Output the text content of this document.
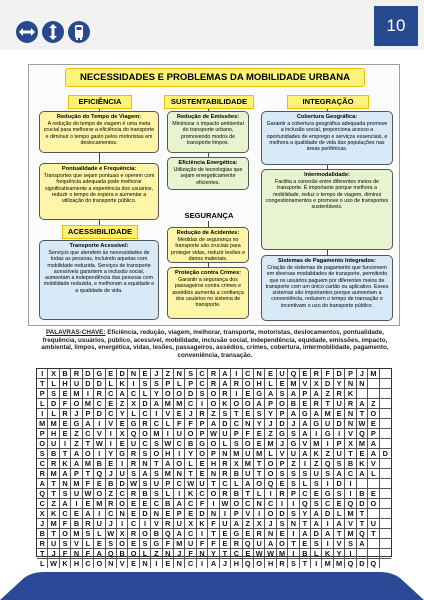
10
NECESSIDADES E PROBLEMAS DA MOBILIDADE URBANA
EFICIÊNCIA
Redução do Tempo de Viagem:
A redução do tempo de viagem é uma meta crucial para melhorar a eficiência do transporte e diminuir o tempo gasto pelos motoristas em deslocamentos.
Pontualidade e Frequência:
Transportes que sejam pontuais e operem com frequência adequada pode melhorar significativamente a experiência dos usuários, reduzir o tempo de espera e aumentar a utilização do transporte público.
ACESSIBILIDADE
Transporte Acessível:
Serviços que atendem às necessidades de todas as pessoas, incluindo aquelas com mobilidade reduzida. Serviços de transporte acessíveis garantem a inclusão social, aumentam a independência das pessoas com mobilidade reduzida, e melhoram a equidade e a qualidade de vida.
SUSTENTABILIDADE
Redução de Emissões:
Minimizar o impacto ambiental do transporte urbano, promovendo modos de transporte limpos.
Eficiência Energética:
Utilização de tecnologias que sejam energeticamente eficientes.
SEGURANÇA
Redução de Acidentes:
Medidas de segurança no transporte são cruciais para proteger vidas, reduzir lesões e danos materiais.
Proteção contra Crimes:
Garantir a segurança dos passageiros contra crimes e assédios aumenta a confiança dos usuários no sistema de transporte.
INTEGRAÇÃO
Cobertura Geográfica:
Garantir a cobertura geográfica adequada promove a inclusão social, proporciona acesso a oportunidades de emprego e serviços essenciais, e melhora a qualidade de vida das populações nas áreas periféricas.
Intermodalidade:
Facilita a conexão entre diferentes meios de transporte. É importante porque melhora a mobilidade, reduz o tempo de viagem, diminui congestionamentos e promove o uso de transportes sustentáveis.
Sistemas de Pagamento Integrados:
Criação de sistemas de pagamento que funcionem em diversas modalidades de transporte, permitindo que os usuários paguem por diferentes meios de transporte com um único cartão ou aplicativo. Esses sistemas são importantes porque aumentam a conveniência, reduzem o tempo de transação e incentivam o uso do transporte público.
PALAVRAS-CHAVE: Eficiência, redução, viagem, melhorar, transporte, motoristas, deslocamentos, pontualidade, frequência, usuários, público, acessível, mobilidade, inclusão social, independência, equidade, emissões, impacto, ambiental, limpos, energética, vidas, lesões, passageiros, assédios, crimes, cobertura, intermobilidade, pagamento, conveniência, transação.
I	X B R D G E D N E J Z N S C R A	I	C N E U Q E R F D P J M
T L H U D D L K	I	S S P L P C R A R O H L E M V X D Y N N
P S E M	I	R C A C L Y O O D S O R	I	E G A S A P A Z R K
L D F O M C E Z X D A M M C	I	O K O O A P O B E R T U R A Z
I	L R J P D C Y L C	I	V E J R Z S T E S Y P A G A M E N T O
M M E G A	I	V E G R C L F F P A D C N Y J D J A G U D N W E
P H E Z C V	I	X Q O M	I	U O P W U P F E Z G S A	I	G	I	V Q P
O U	I	Z T W I	E U C S W C B G O L S O E M J G V M	I	P X M A
S B T A O	I	Y G R S O H	I	Y O P N M U M L V U A K Z U T E A D
C R K A M B E	I	R N T A O L E H R X M T O P Z	I	Z Q S B K V
R M A P T Q J U S A S M N T E N R B U T O S S S U S A C A L
A T N M F E B D W S U P C W U T C L A O Q E S L S	I	D	I
Q T S U W O Z C R B S L	I	K C O R B T L	I	R P C E G S	I	B E
C Z A	I	E M R O E E C B A C F	I W O C N C	I	I	Q S C E Q D O
X K C E A	I	C N E D N E P E D N	I	P V	I	O D S Y A D L M T
J M F B R U J	I	C	I	V R U X K F U A Z X J S N T A	I	A V T U
B T O M S L W X R O B Q A C	I	T E G E R N E	I	A D A T M Q T
R U S V L E S O E S G F M U F F E R Q U A O T E S	I	V S A
T J F N F A Q B O L Z N J F N Y T C E W W M	I	B L K Y	I
L W K H C O N V E N	I	E N C	I	A J H Q O H R S T	I	M M Q D Q
